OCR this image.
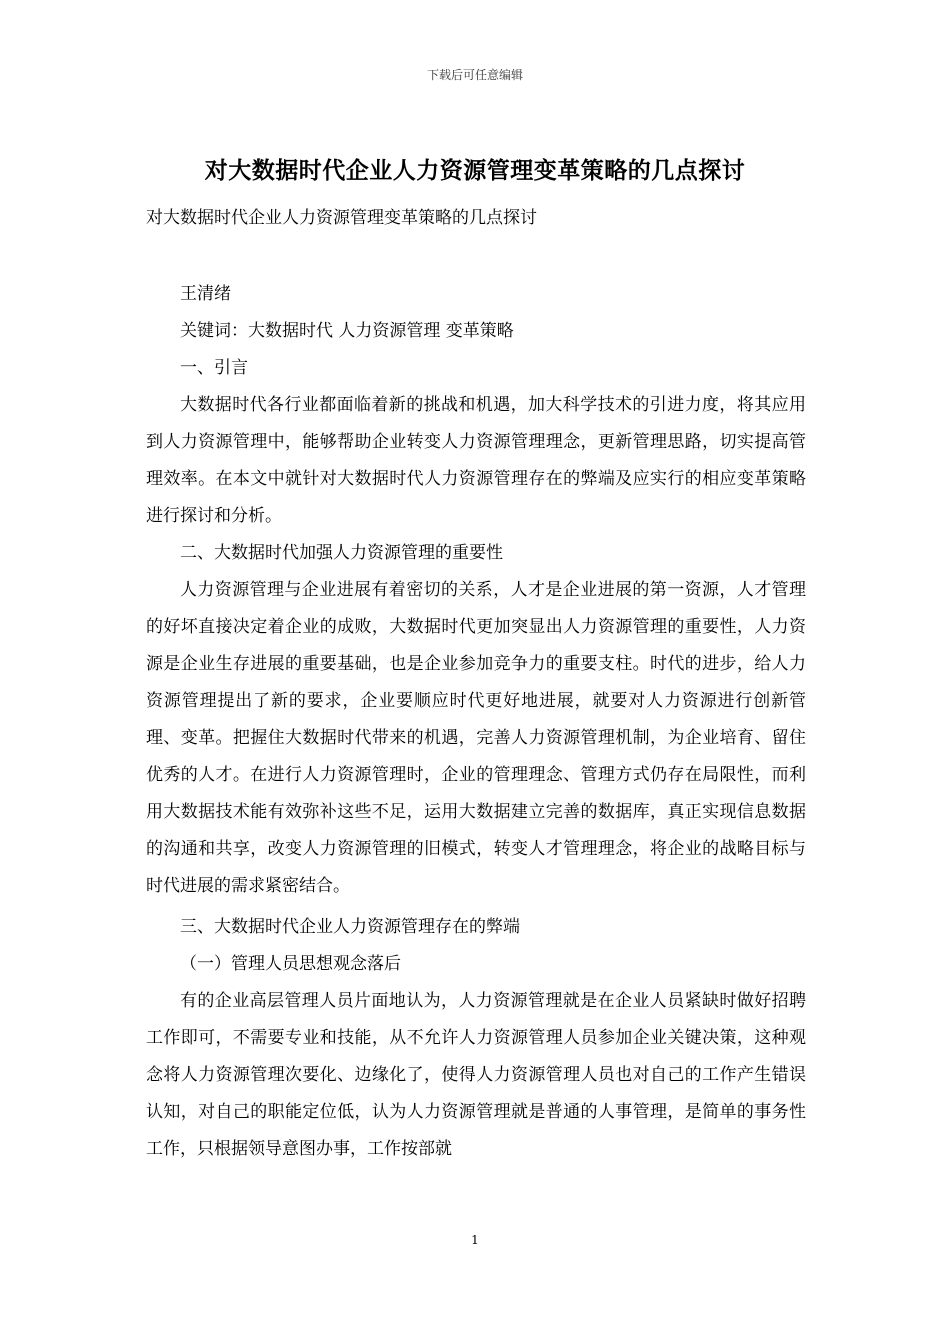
下载后可任意编辑
对大数据时代企业人力资源管理变革策略的几点探讨
对大数据时代企业人力资源管理变革策略的几点探讨

王清绪

关键词：大数据时代 人力资源管理 变革策略

一、引言

大数据时代各行业都面临着新的挑战和机遇，加大科学技术的引进力度，将其应用到人力资源管理中，能够帮助企业转变人力资源管理理念，更新管理思路，切实提高管理效率。在本文中就针对大数据时代人力资源管理存在的弊端及应实行的相应变革策略进行探讨和分析。

二、大数据时代加强人力资源管理的重要性

人力资源管理与企业进展有着密切的关系，人才是企业进展的第一资源，人才管理的好坏直接决定着企业的成败，大数据时代更加突显出人力资源管理的重要性，人力资源是企业生存进展的重要基础，也是企业参加竞争力的重要支柱。时代的进步，给人力资源管理提出了新的要求，企业要顺应时代更好地进展，就要对人力资源进行创新管理、变革。把握住大数据时代带来的机遇，完善人力资源管理机制，为企业培育、留住优秀的人才。在进行人力资源管理时，企业的管理理念、管理方式仍存在局限性，而利用大数据技术能有效弥补这些不足，运用大数据建立完善的数据库，真正实现信息数据的沟通和共享，改变人力资源管理的旧模式，转变人才管理理念，将企业的战略目标与时代进展的需求紧密结合。

三、大数据时代企业人力资源管理存在的弊端

（一）管理人员思想观念落后

有的企业高层管理人员片面地认为，人力资源管理就是在企业人员紧缺时做好招聘工作即可，不需要专业和技能，从不允许人力资源管理人员参加企业关键决策，这种观念将人力资源管理次要化、边缘化了，使得人力资源管理人员也对自己的工作产生错误认知，对自己的职能定位低，认为人力资源管理就是普通的人事管理，是简单的事务性工作，只根据领导意图办事，工作按部就

1
